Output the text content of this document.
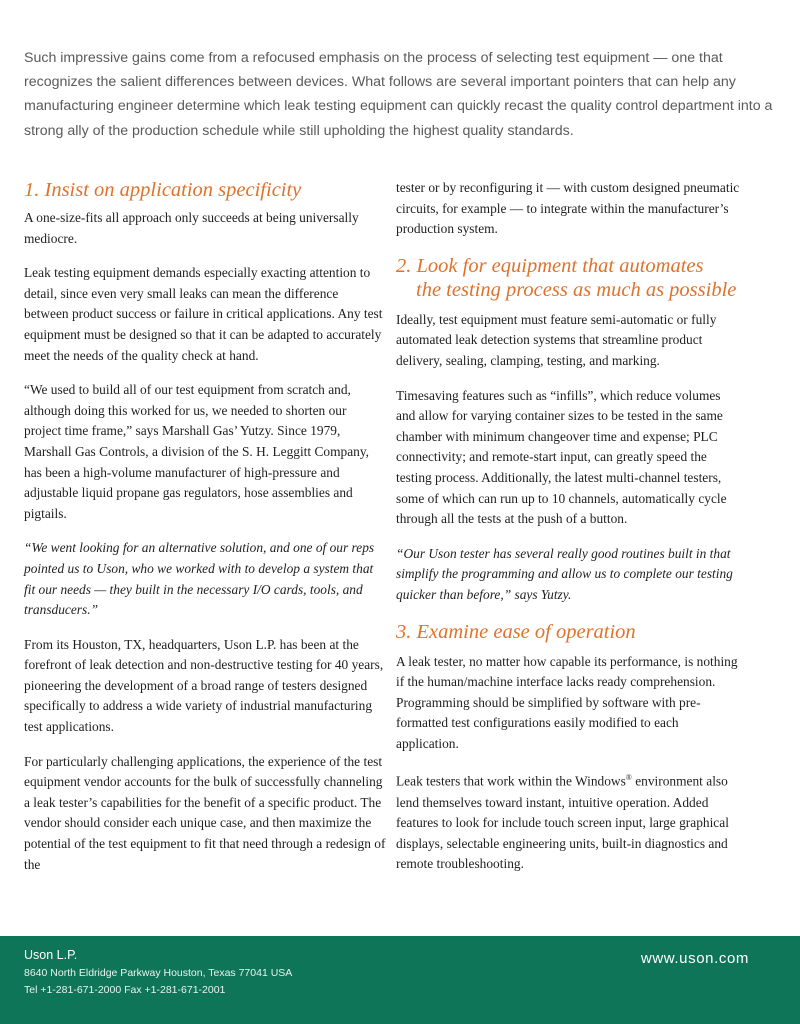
Such impressive gains come from a refocused emphasis on the process of selecting test equipment — one that recognizes the salient differences between devices. What follows are several important pointers that can help any manufacturing engineer determine which leak testing equipment can quickly recast the quality control department into a strong ally of the production schedule while still upholding the highest quality standards.

1. Insist on application specificity

A one-size-fits all approach only succeeds at being universally mediocre.

Leak testing equipment demands especially exacting attention to detail, since even very small leaks can mean the difference between product success or failure in critical applications. Any test equipment must be designed so that it can be adapted to accurately meet the needs of the quality check at hand.

“We used to build all of our test equipment from scratch and, although doing this worked for us, we needed to shorten our project time frame,” says Marshall Gas’ Yutzy. Since 1979, Marshall Gas Controls, a division of the S. H. Leggitt Company, has been a high-volume manufacturer of high-pressure and adjustable liquid propane gas regulators, hose assemblies and pigtails.

“We went looking for an alternative solution, and one of our reps pointed us to Uson, who we worked with to develop a system that fit our needs — they built in the necessary I/O cards, tools, and transducers.”

From its Houston, TX, headquarters, Uson L.P. has been at the forefront of leak detection and non-destructive testing for 40 years, pioneering the development of a broad range of testers designed specifically to address a wide variety of industrial manufacturing test applications.

For particularly challenging applications, the experience of the test equipment vendor accounts for the bulk of successfully channeling a leak tester’s capabilities for the benefit of a specific product. The vendor should consider each unique case, and then maximize the potential of the test equipment to fit that need through a redesign of the

tester or by reconfiguring it — with custom designed pneumatic circuits, for example — to integrate within the manufacturer’s production system.

2. Look for equipment that automates
the testing process as much as possible

Ideally, test equipment must feature semi-automatic or fully automated leak detection systems that streamline product delivery, sealing, clamping, testing, and marking.

Timesaving features such as “infills”, which reduce volumes and allow for varying container sizes to be tested in the same chamber with minimum changeover time and expense; PLC connectivity; and remote-start input, can greatly speed the testing process. Additionally, the latest multi-channel testers, some of which can run up to 10 channels, automatically cycle through all the tests at the push of a button.

“Our Uson tester has several really good routines built in that simplify the programming and allow us to complete our testing quicker than before,” says Yutzy.

3. Examine ease of operation

A leak tester, no matter how capable its performance, is nothing if the human/machine interface lacks ready comprehension. Programming should be simplified by software with pre-formatted test configurations easily modified to each application.

Leak testers that work within the Windows® environment also lend themselves toward instant, intuitive operation. Added features to look for include touch screen input, large graphical displays, selectable engineering units, built-in diagnostics and remote troubleshooting.

Uson L.P.
8640 North Eldridge Parkway Houston, Texas 77041 USA
Tel +1-281-671-2000 Fax +1-281-671-2001
www.uson.com
